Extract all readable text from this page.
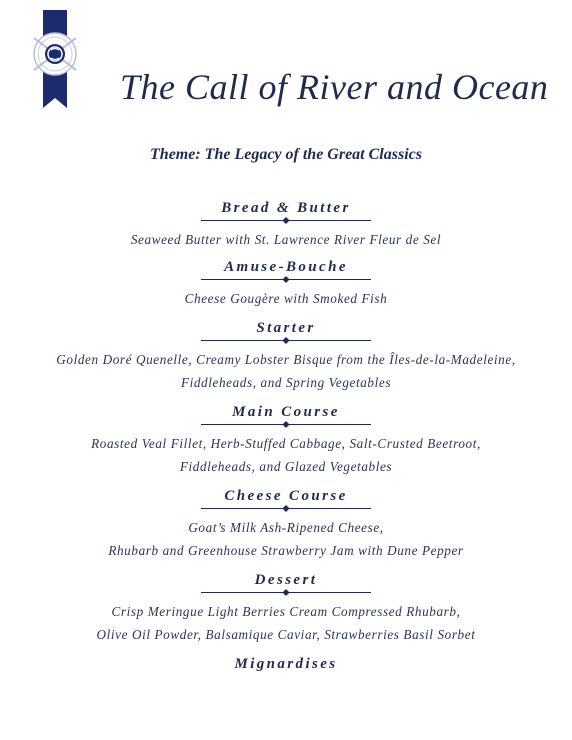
The Call of River and Ocean
Theme: The Legacy of the Great Classics
Bread & Butter
Seaweed Butter with St. Lawrence River Fleur de Sel
Amuse-Bouche
Cheese Gougère with Smoked Fish
Starter
Golden Doré Quenelle, Creamy Lobster Bisque from the Îles-de-la-Madeleine,
Fiddleheads, and Spring Vegetables
Main Course
Roasted Veal Fillet, Herb-Stuffed Cabbage, Salt-Crusted Beetroot,
Fiddleheads, and Glazed Vegetables
Cheese Course
Goat’s Milk Ash-Ripened Cheese,
Rhubarb and Greenhouse Strawberry Jam with Dune Pepper
Dessert
Crisp Meringue Light Berries Cream Compressed Rhubarb,
Olive Oil Powder, Balsamique Caviar, Strawberries Basil Sorbet
Mignardises
